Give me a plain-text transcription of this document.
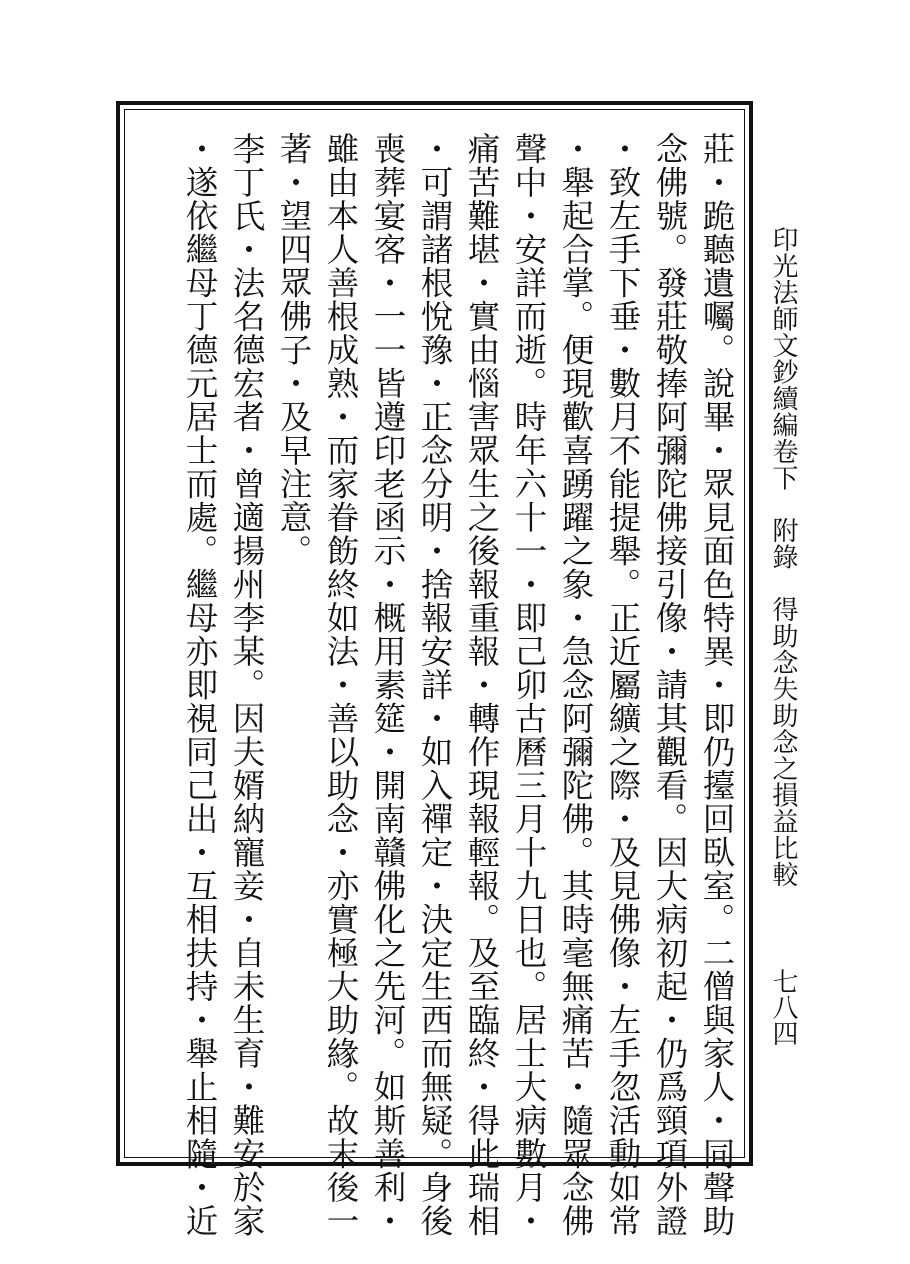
印光法師文鈔續編卷下附錄得助念失助念之損益比較
莊・跪聽遺囑。說畢・眾見面色特異・即仍擡回臥室。二僧與家人・同聲助
念佛號。發莊敬捧阿彌陀佛接引像・請其觀看。因大病初起・仍爲頸項外證
・致左手下垂・數月不能提舉。正近屬纊之際・及見佛像・左手忽活動如常
・舉起合掌。便現歡喜踴躍之象・急念阿彌陀佛。其時毫無痛苦・隨眾念佛
聲中・安詳而逝。時年六十一・即己卯古曆三月十九日也。居士大病數月・
痛苦難堪・實由惱害眾生之後報重報・轉作現報輕報。及至臨終・得此瑞相
・可謂諸根悅豫・正念分明・捨報安詳・如入禪定・決定生西而無疑。身後
喪葬宴客・一一皆遵印老函示・概用素筵・開南贛佛化之先河。如斯善利・
雖由本人善根成熟・而家眷飭終如法・善以助念・亦實極大助緣。故末後一
著・望四眾佛子・及早注意。
李丁氏・法名德宏者・曾適揚州李某。因夫婿納寵妾・自未生育・難安於家
・遂依繼母丁德元居士而處。繼母亦即視同己出・互相扶持・舉止相隨・近	七八四
